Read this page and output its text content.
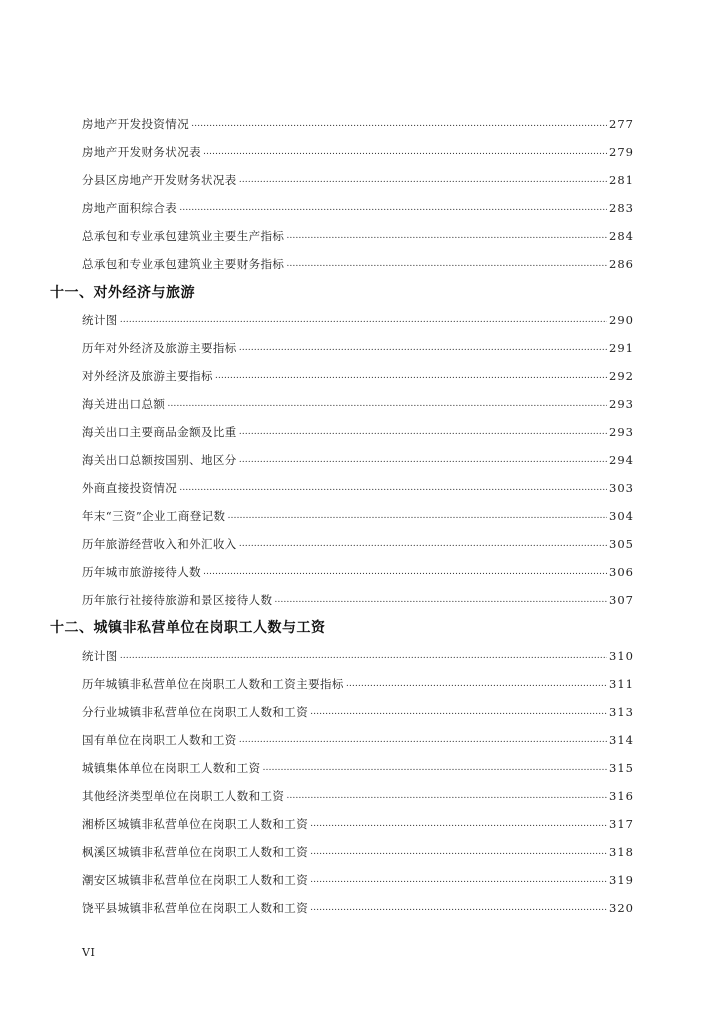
房地产开发投资情况 ……………………………………………………………………………………………………………………………………………………………………………………………………	277
房地产开发财务状况表 ……………………………………………………………………………………………………………………………………………………………………………………………………	279
分县区房地产开发财务状况表 ……………………………………………………………………………………………………………………………………………………………………………………………………	281
房地产面积综合表 ……………………………………………………………………………………………………………………………………………………………………………………………………	283
总承包和专业承包建筑业主要生产指标 ……………………………………………………………………………………………………………………………………………………………………………………………………	284
总承包和专业承包建筑业主要财务指标 ……………………………………………………………………………………………………………………………………………………………………………………………………	286
十一、对外经济与旅游
统计图 ……………………………………………………………………………………………………………………………………………………………………………………………………	290
历年对外经济及旅游主要指标 ……………………………………………………………………………………………………………………………………………………………………………………………………	291
对外经济及旅游主要指标 ……………………………………………………………………………………………………………………………………………………………………………………………………	292
海关进出口总额 ……………………………………………………………………………………………………………………………………………………………………………………………………	293
海关出口主要商品金额及比重 ……………………………………………………………………………………………………………………………………………………………………………………………………	293
海关出口总额按国别、地区分 ……………………………………………………………………………………………………………………………………………………………………………………………………	294
外商直接投资情况 ……………………………………………………………………………………………………………………………………………………………………………………………………	303
年末“三资”企业工商登记数 ……………………………………………………………………………………………………………………………………………………………………………………………………	304
历年旅游经营收入和外汇收入 ……………………………………………………………………………………………………………………………………………………………………………………………………	305
历年城市旅游接待人数 ……………………………………………………………………………………………………………………………………………………………………………………………………	306
历年旅行社接待旅游和景区接待人数 ……………………………………………………………………………………………………………………………………………………………………………………………………	307
十二、城镇非私营单位在岗职工人数与工资
统计图 ……………………………………………………………………………………………………………………………………………………………………………………………………	310
历年城镇非私营单位在岗职工人数和工资主要指标 ……………………………………………………………………………………………………………………………………………………………………………………………………	311
分行业城镇非私营单位在岗职工人数和工资 ……………………………………………………………………………………………………………………………………………………………………………………………………	313
国有单位在岗职工人数和工资 ……………………………………………………………………………………………………………………………………………………………………………………………………	314
城镇集体单位在岗职工人数和工资 ……………………………………………………………………………………………………………………………………………………………………………………………………	315
其他经济类型单位在岗职工人数和工资 ……………………………………………………………………………………………………………………………………………………………………………………………………	316
湘桥区城镇非私营单位在岗职工人数和工资 ……………………………………………………………………………………………………………………………………………………………………………………………………	317
枫溪区城镇非私营单位在岗职工人数和工资 ……………………………………………………………………………………………………………………………………………………………………………………………………	318
潮安区城镇非私营单位在岗职工人数和工资 ……………………………………………………………………………………………………………………………………………………………………………………………………	319
饶平县城镇非私营单位在岗职工人数和工资 ……………………………………………………………………………………………………………………………………………………………………………………………………	320
VI
